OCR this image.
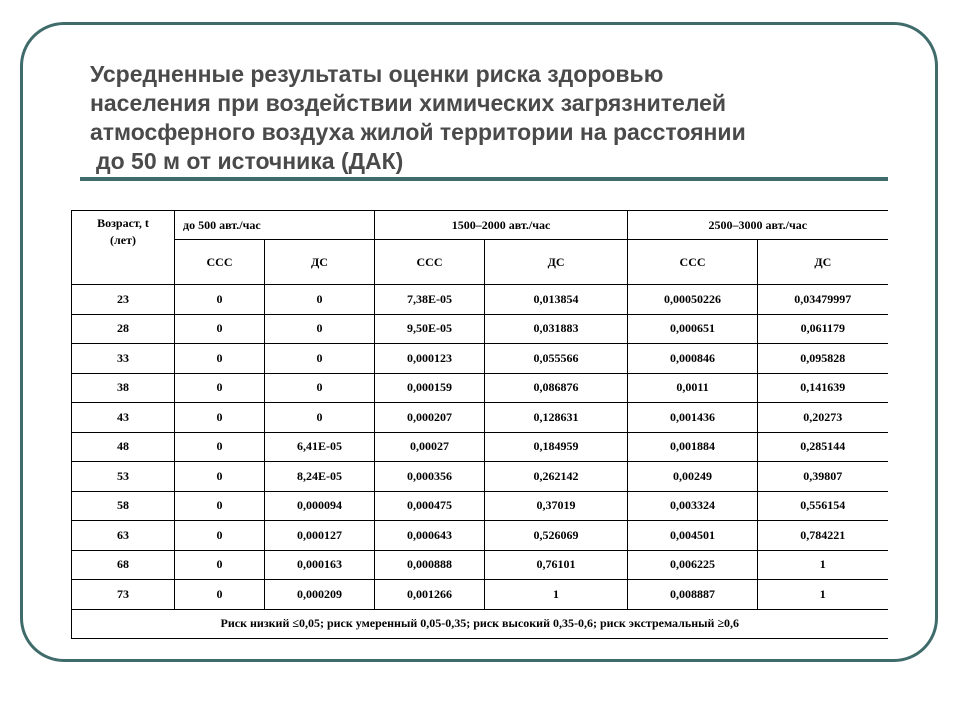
Усредненные результаты оценки риска здоровью
населения при воздействии химических загрязнителей
атмосферного воздуха жилой территории на расстоянии
до 50 м от источника (ДАК)
Возраст, t
(лет)	до 500 авт./час		1500–2000 авт./час		2500–3000 авт./час	
	ССС	ДС	ССС	ДС	ССС	ДС
23	0	0	7,38E-05	0,013854	0,00050226	0,03479997
28	0	0	9,50E-05	0,031883	0,000651	0,061179
33	0	0	0,000123	0,055566	0,000846	0,095828
38	0	0	0,000159	0,086876	0,0011	0,141639
43	0	0	0,000207	0,128631	0,001436	0,20273
48	0	6,41E-05	0,00027	0,184959	0,001884	0,285144
53	0	8,24E-05	0,000356	0,262142	0,00249	0,39807
58	0	0,000094	0,000475	0,37019	0,003324	0,556154
63	0	0,000127	0,000643	0,526069	0,004501	0,784221
68	0	0,000163	0,000888	0,76101	0,006225	1
73	0	0,000209	0,001266	1	0,008887	1
Риск низкий ≤0,05; риск умеренный 0,05-0,35; риск высокий 0,35-0,6; риск экстремальный ≥0,6						
